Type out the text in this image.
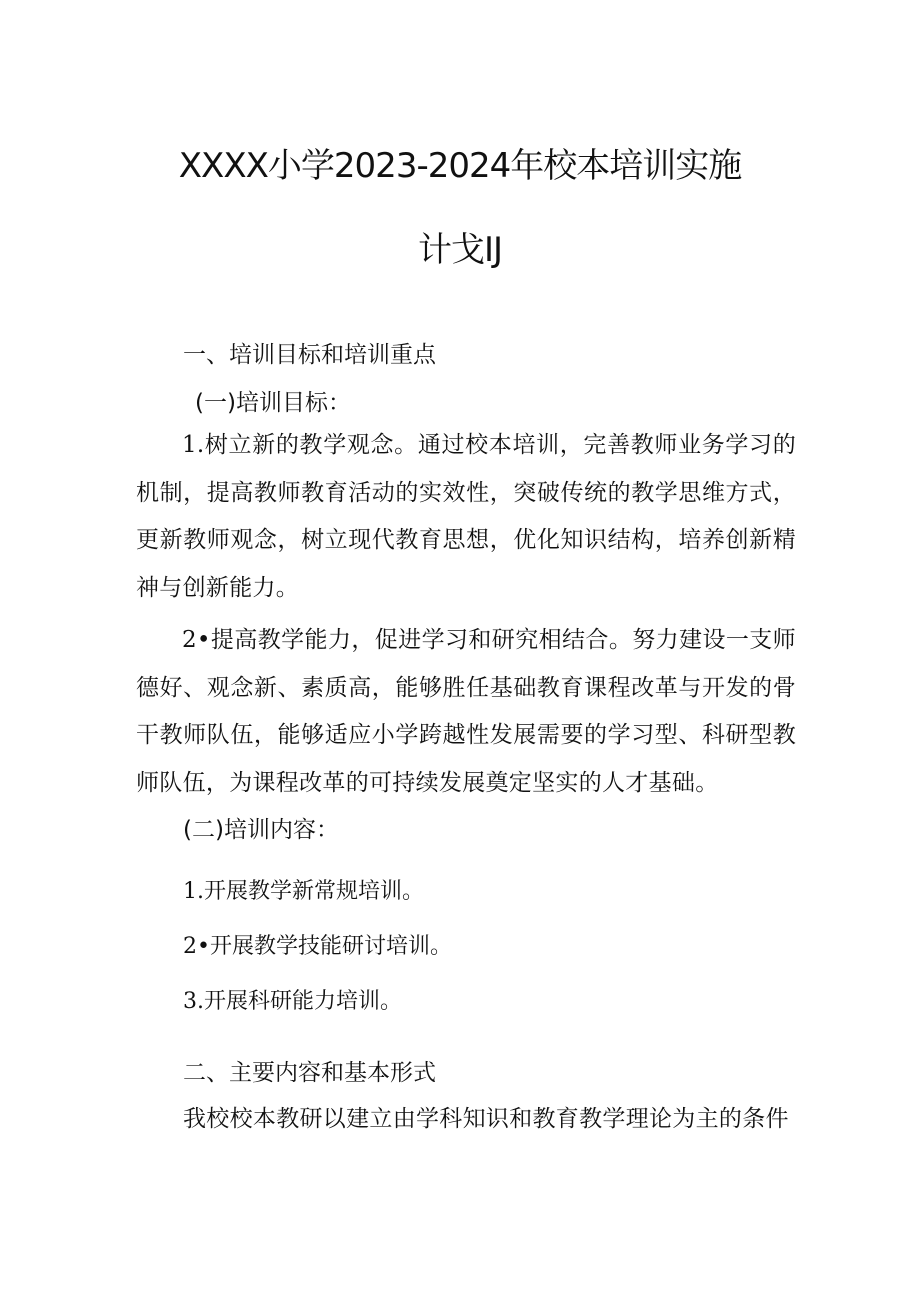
XXXX小学2023-2024年校本培训实施
计戈IJ
一、培训目标和培训重点
(一)培训目标：

1.树立新的教学观念。通过校本培训，完善教师业务学习的机制，提高教师教育活动的实效性，突破传统的教学思维方式，更新教师观念，树立现代教育思想，优化知识结构，培养创新精神与创新能力。

2•提高教学能力，促进学习和研究相结合。努力建设一支师德好、观念新、素质高，能够胜任基础教育课程改革与开发的骨干教师队伍，能够适应小学跨越性发展需要的学习型、科研型教师队伍，为课程改革的可持续发展奠定坚实的人才基础。

(二)培训内容：
1.开展教学新常规培训。
2•开展教学技能研讨培训。
3.开展科研能力培训。
二、主要内容和基本形式

我校校本教研以建立由学科知识和教育教学理论为主的条件
